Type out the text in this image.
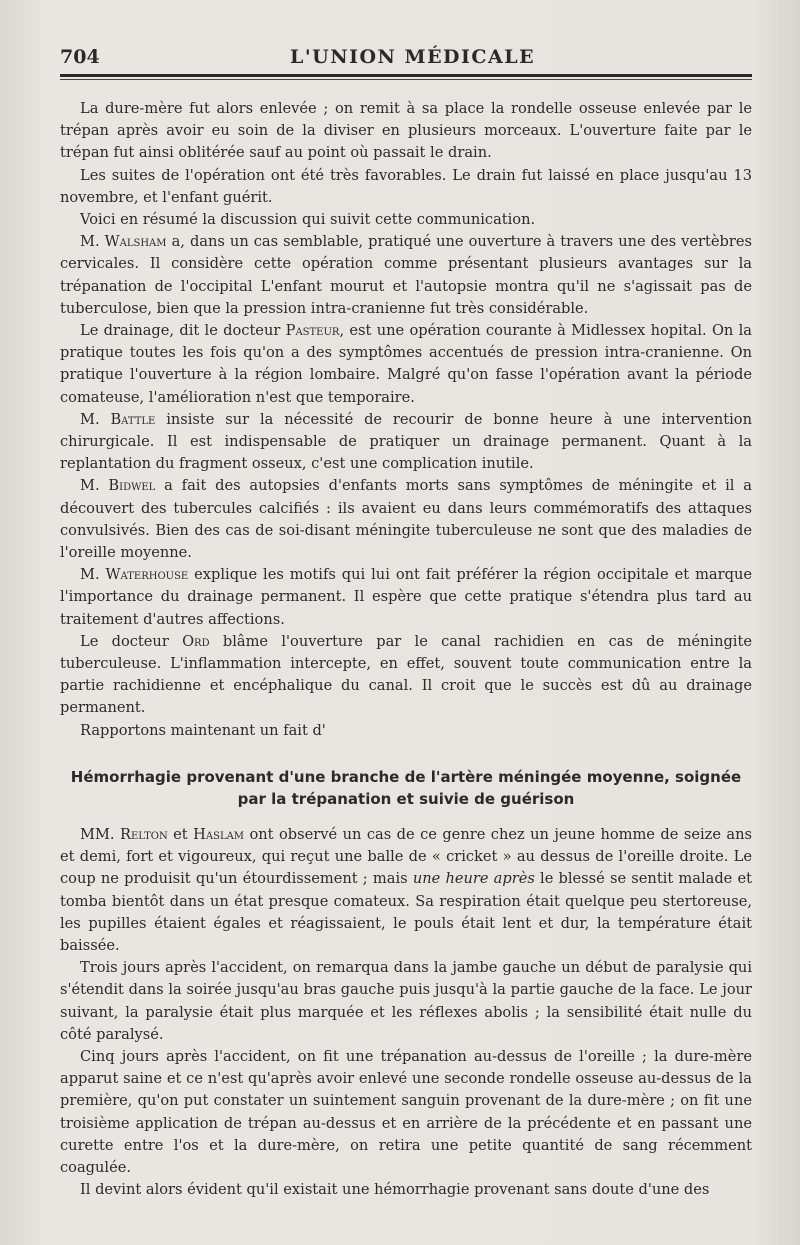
704	L'UNION MÉDICALE

La dure-mère fut alors enlevée ; on remit à sa place la rondelle osseuse enlevée par le trépan après avoir eu soin de la diviser en plusieurs morceaux. L'ouverture faite par le trépan fut ainsi oblitérée sauf au point où passait le drain.

Les suites de l'opération ont été très favorables. Le drain fut laissé en place jusqu'au 13 novembre, et l'enfant guérit.

Voici en résumé la discussion qui suivit cette communication.

M. Walsham a, dans un cas semblable, pratiqué une ouverture à travers une des vertèbres cervicales. Il considère cette opération comme présentant plusieurs avantages sur la trépanation de l'occipital L'enfant mourut et l'autopsie montra qu'il ne s'agissait pas de tuberculose, bien que la pression intra-cranienne fut très considérable.

Le drainage, dit le docteur Pasteur, est une opération courante à Midlessex hopital. On la pratique toutes les fois qu'on a des symptômes accentués de pression intra-cranienne. On pratique l'ouverture à la région lombaire. Malgré qu'on fasse l'opération avant la période comateuse, l'amélioration n'est que temporaire.

M. Battle insiste sur la nécessité de recourir de bonne heure à une intervention chirurgicale. Il est indispensable de pratiquer un drainage permanent. Quant à la replantation du fragment osseux, c'est une complication inutile.

M. Bidwel a fait des autopsies d'enfants morts sans symptômes de méningite et il a découvert des tubercules calcifiés : ils avaient eu dans leurs commémoratifs des attaques convulsivés. Bien des cas de soi-disant méningite tuberculeuse ne sont que des maladies de l'oreille moyenne.

M. Waterhouse explique les motifs qui lui ont fait préférer la région occipitale et marque l'importance du drainage permanent. Il espère que cette pratique s'étendra plus tard au traitement d'autres affections.

Le docteur Ord blâme l'ouverture par le canal rachidien en cas de méningite tuberculeuse. L'inflammation intercepte, en effet, souvent toute communication entre la partie rachidienne et encéphalique du canal. Il croit que le succès est dû au drainage permanent.

Rapportons maintenant un fait d'

Hémorrhagie provenant d'une branche de l'artère méningée moyenne, soignée
par la trépanation et suivie de guérison

MM. Relton et Haslam ont observé un cas de ce genre chez un jeune homme de seize ans et demi, fort et vigoureux, qui reçut une balle de « cricket » au dessus de l'oreille droite. Le coup ne produisit qu'un étourdissement ; mais une heure après le blessé se sentit malade et tomba bientôt dans un état presque comateux. Sa respiration était quelque peu stertoreuse, les pupilles étaient égales et réagissaient, le pouls était lent et dur, la température était baissée.

Trois jours après l'accident, on remarqua dans la jambe gauche un début de paralysie qui s'étendit dans la soirée jusqu'au bras gauche puis jusqu'à la partie gauche de la face. Le jour suivant, la paralysie était plus marquée et les réflexes abolis ; la sensibilité était nulle du côté paralysé.

Cinq jours après l'accident, on fit une trépanation au-dessus de l'oreille ; la dure-mère apparut saine et ce n'est qu'après avoir enlevé une seconde rondelle osseuse au-dessus de la première, qu'on put constater un suintement sanguin provenant de la dure-mère ; on fit une troisième application de trépan au-dessus et en arrière de la précédente et en passant une curette entre l'os et la dure-mère, on retira une petite quantité de sang récemment coagulée.

Il devint alors évident qu'il existait une hémorrhagie provenant sans doute d'une des
